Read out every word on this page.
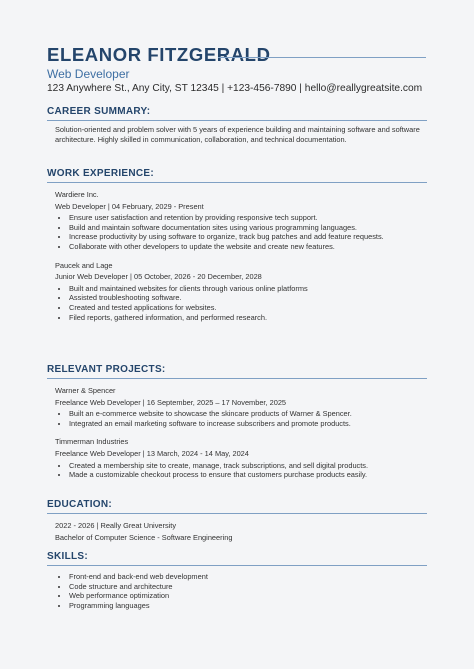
ELEANOR FITZGERALD
Web Developer
123 Anywhere St., Any City, ST 12345 | +123-456-7890 | hello@reallygreatsite.com
CAREER SUMMARY:
Solution-oriented and problem solver with 5 years of experience building and maintaining software and software architecture. Highly skilled in communication, collaboration, and technical documentation.
WORK EXPERIENCE:
Wardiere Inc.
Web Developer | 04 February, 2029 - Present
• Ensure user satisfaction and retention by providing responsive tech support.
• Build and maintain software documentation sites using various programming languages.
• Increase productivity by using software to organize, track bug patches and add feature requests.
• Collaborate with other developers to update the website and create new features.
Paucek and Lage
Junior Web Developer | 05 October, 2026 - 20 December, 2028
• Built and maintained websites for clients through various online platforms
• Assisted troubleshooting software.
• Created and tested applications for websites.
• Filed reports, gathered information, and performed research.
RELEVANT PROJECTS:
Warner & Spencer
Freelance Web Developer | 16 September, 2025 – 17 November, 2025
• Built an e-commerce website to showcase the skincare products of Warner & Spencer.
• Integrated an email marketing software to increase subscribers and promote products.
Timmerman Industries
Freelance Web Developer | 13 March, 2024 - 14 May, 2024
• Created a membership site to create, manage, track subscriptions, and sell digital products.
• Made a customizable checkout process to ensure that customers purchase products easily.
EDUCATION:
2022 - 2026 | Really Great University
Bachelor of Computer Science - Software Engineering
SKILLS:
• Front-end and back-end web development
• Code structure and architecture
• Web performance optimization
• Programming languages
